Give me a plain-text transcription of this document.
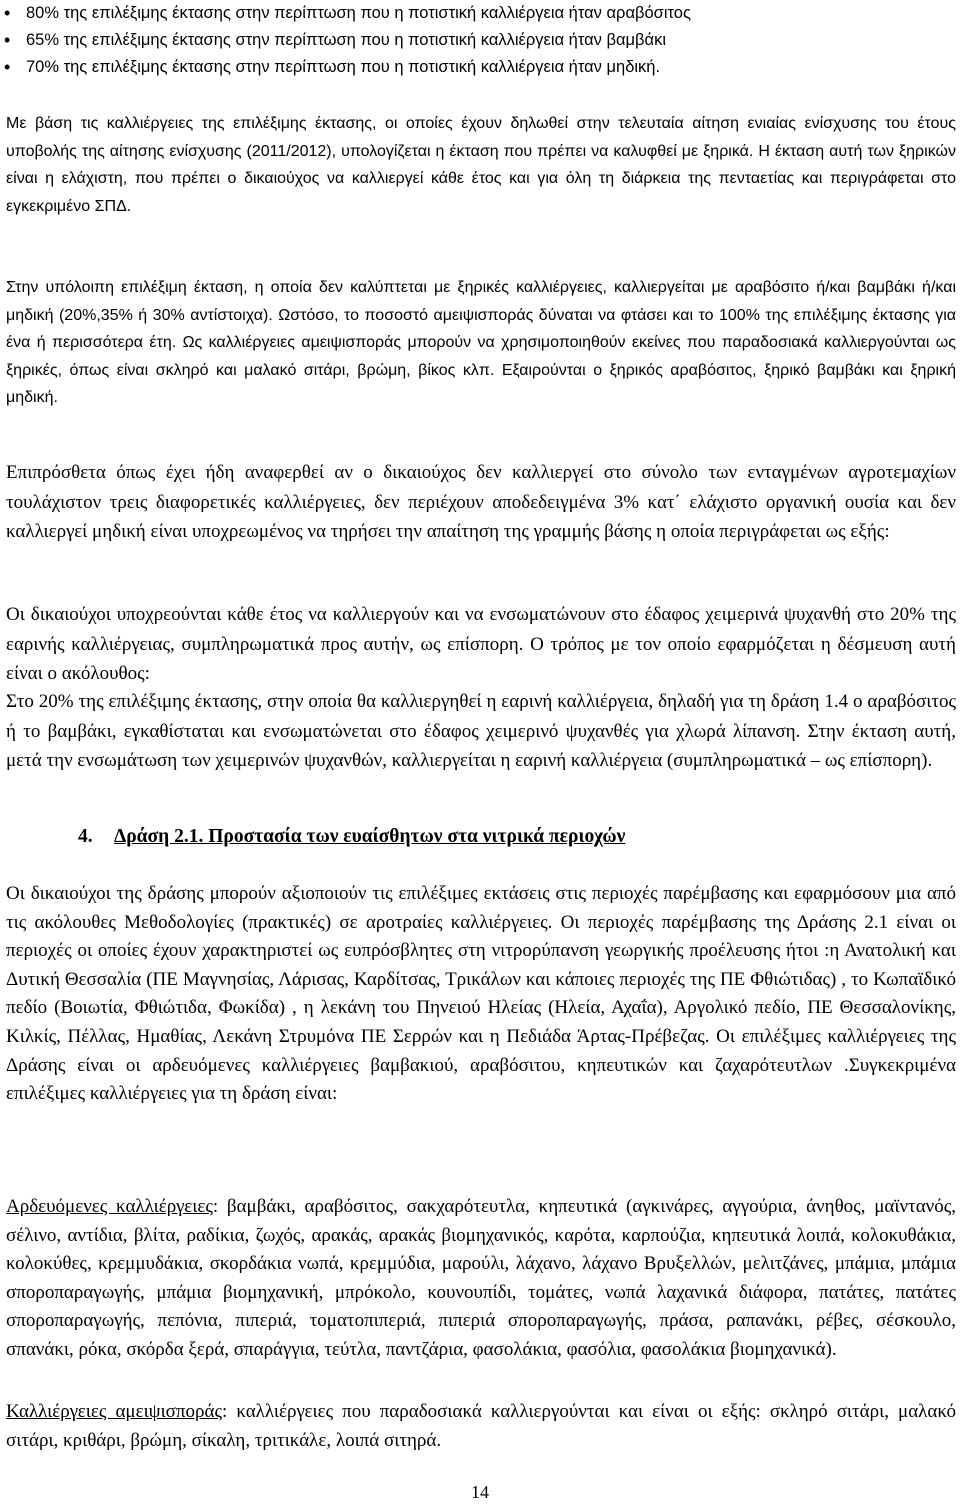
• 80% της επιλέξιμης έκτασης στην περίπτωση που η ποτιστική καλλιέργεια ήταν αραβόσιτος
• 65% της επιλέξιμης έκτασης στην περίπτωση που η ποτιστική καλλιέργεια ήταν βαμβάκι
• 70% της επιλέξιμης έκτασης στην περίπτωση που η ποτιστική καλλιέργεια ήταν μηδική.

Με βάση τις καλλιέργειες της επιλέξιμης έκτασης, οι οποίες έχουν δηλωθεί στην τελευταία αίτηση ενιαίας ενίσχυσης του έτους υποβολής της αίτησης ενίσχυσης (2011/2012), υπολογίζεται η έκταση που πρέπει να καλυφθεί με ξηρικά. Η έκταση αυτή των ξηρικών είναι η ελάχιστη, που πρέπει ο δικαιούχος να καλλιεργεί κάθε έτος και για όλη τη διάρκεια της πενταετίας και περιγράφεται στο εγκεκριμένο ΣΠΔ.

Στην υπόλοιπη επιλέξιμη έκταση, η οποία δεν καλύπτεται με ξηρικές καλλιέργειες, καλλιεργείται με αραβόσιτο ή/και βαμβάκι ή/και μηδική (20%,35% ή 30% αντίστοιχα). Ωστόσο, το ποσοστό αμειψισποράς δύναται να φτάσει και το 100% της επιλέξιμης έκτασης για ένα ή περισσότερα έτη. Ως καλλιέργειες αμειψισποράς μπορούν να χρησιμοποιηθούν εκείνες που παραδοσιακά καλλιεργούνται ως ξηρικές, όπως είναι σκληρό και μαλακό σιτάρι, βρώμη, βίκος κλπ. Εξαιρούνται ο ξηρικός αραβόσιτος, ξηρικό βαμβάκι και ξηρική μηδική.

Επιπρόσθετα όπως έχει ήδη αναφερθεί αν ο δικαιούχος δεν καλλιεργεί στο σύνολο των ενταγμένων αγροτεμαχίων τουλάχιστον τρεις διαφορετικές καλλιέργειες, δεν περιέχουν αποδεδειγμένα 3% κατ΄ ελάχιστο οργανική ουσία και δεν καλλιεργεί μηδική είναι υποχρεωμένος να τηρήσει την απαίτηση της γραμμής βάσης η οποία περιγράφεται ως εξής:

Οι δικαιούχοι υποχρεούνται κάθε έτος να καλλιεργούν και να ενσωματώνουν στο έδαφος χειμερινά ψυχανθή στο 20% της εαρινής καλλιέργειας, συμπληρωματικά προς αυτήν, ως επίσπορη. Ο τρόπος με τον οποίο εφαρμόζεται η δέσμευση αυτή είναι ο ακόλουθος:

Στο 20% της επιλέξιμης έκτασης, στην οποία θα καλλιεργηθεί η εαρινή καλλιέργεια, δηλαδή για τη δράση 1.4 ο αραβόσιτος ή το βαμβάκι, εγκαθίσταται και ενσωματώνεται στο έδαφος χειμερινό ψυχανθές για χλωρά λίπανση. Στην έκταση αυτή, μετά την ενσωμάτωση των χειμερινών ψυχανθών, καλλιεργείται η εαρινή καλλιέργεια (συμπληρωματικά – ως επίσπορη).

4. Δράση 2.1. Προστασία των ευαίσθητων στα νιτρικά περιοχών

Οι δικαιούχοι της δράσης μπορούν αξιοποιούν τις επιλέξιμες εκτάσεις στις περιοχές παρέμβασης και εφαρμόσουν μια από τις ακόλουθες Μεθοδολογίες (πρακτικές) σε αροτραίες καλλιέργειες. Οι περιοχές παρέμβασης της Δράσης 2.1 είναι οι περιοχές οι οποίες έχουν χαρακτηριστεί ως ευπρόσβλητες στη νιτρορύπανση γεωργικής προέλευσης ήτοι :η Ανατολική και Δυτική Θεσσαλία (ΠΕ Μαγνησίας, Λάρισας, Καρδίτσας, Τρικάλων και κάποιες περιοχές της ΠΕ Φθιώτιδας) , το Κωπαϊδικό πεδίο (Βοιωτία, Φθιώτιδα, Φωκίδα) , η λεκάνη του Πηνειού Ηλείας (Ηλεία, Αχαΐα), Αργολικό πεδίο, ΠΕ Θεσσαλονίκης, Κιλκίς, Πέλλας, Ημαθίας, Λεκάνη Στρυμόνα ΠΕ Σερρών και η Πεδιάδα Άρτας-Πρέβεζας. Οι επιλέξιμες καλλιέργειες της Δράσης είναι οι αρδευόμενες καλλιέργειες βαμβακιού, αραβόσιτου, κηπευτικών και ζαχαρότευτλων .Συγκεκριμένα επιλέξιμες καλλιέργειες για τη δράση είναι:

Αρδευόμενες καλλιέργειες: βαμβάκι, αραβόσιτος, σακχαρότευτλα, κηπευτικά (αγκινάρες, αγγούρια, άνηθος, μαϊντανός, σέλινο, αντίδια, βλίτα, ραδίκια, ζωχός, αρακάς, αρακάς βιομηχανικός, καρότα, καρπούζια, κηπευτικά λοιπά, κολοκυθάκια, κολοκύθες, κρεμμυδάκια, σκορδάκια νωπά, κρεμμύδια, μαρούλι, λάχανο, λάχανο Βρυξελλών, μελιτζάνες, μπάμια, μπάμια σποροπαραγωγής, μπάμια βιομηχανική, μπρόκολο, κουνουπίδι, τομάτες, νωπά λαχανικά διάφορα, πατάτες, πατάτες σποροπαραγωγής, πεπόνια, πιπεριά, τοματοπιπεριά, πιπεριά σποροπαραγωγής, πράσα, ραπανάκι, ρέβες, σέσκουλο, σπανάκι, ρόκα, σκόρδα ξερά, σπαράγγια, τεύτλα, παντζάρια, φασολάκια, φασόλια, φασολάκια βιομηχανικά).

Καλλιέργειες αμειψισποράς: καλλιέργειες που παραδοσιακά καλλιεργούνται και είναι οι εξής: σκληρό σιτάρι, μαλακό σιτάρι, κριθάρι, βρώμη, σίκαλη, τριτικάλε, λοιπά σιτηρά.

14
